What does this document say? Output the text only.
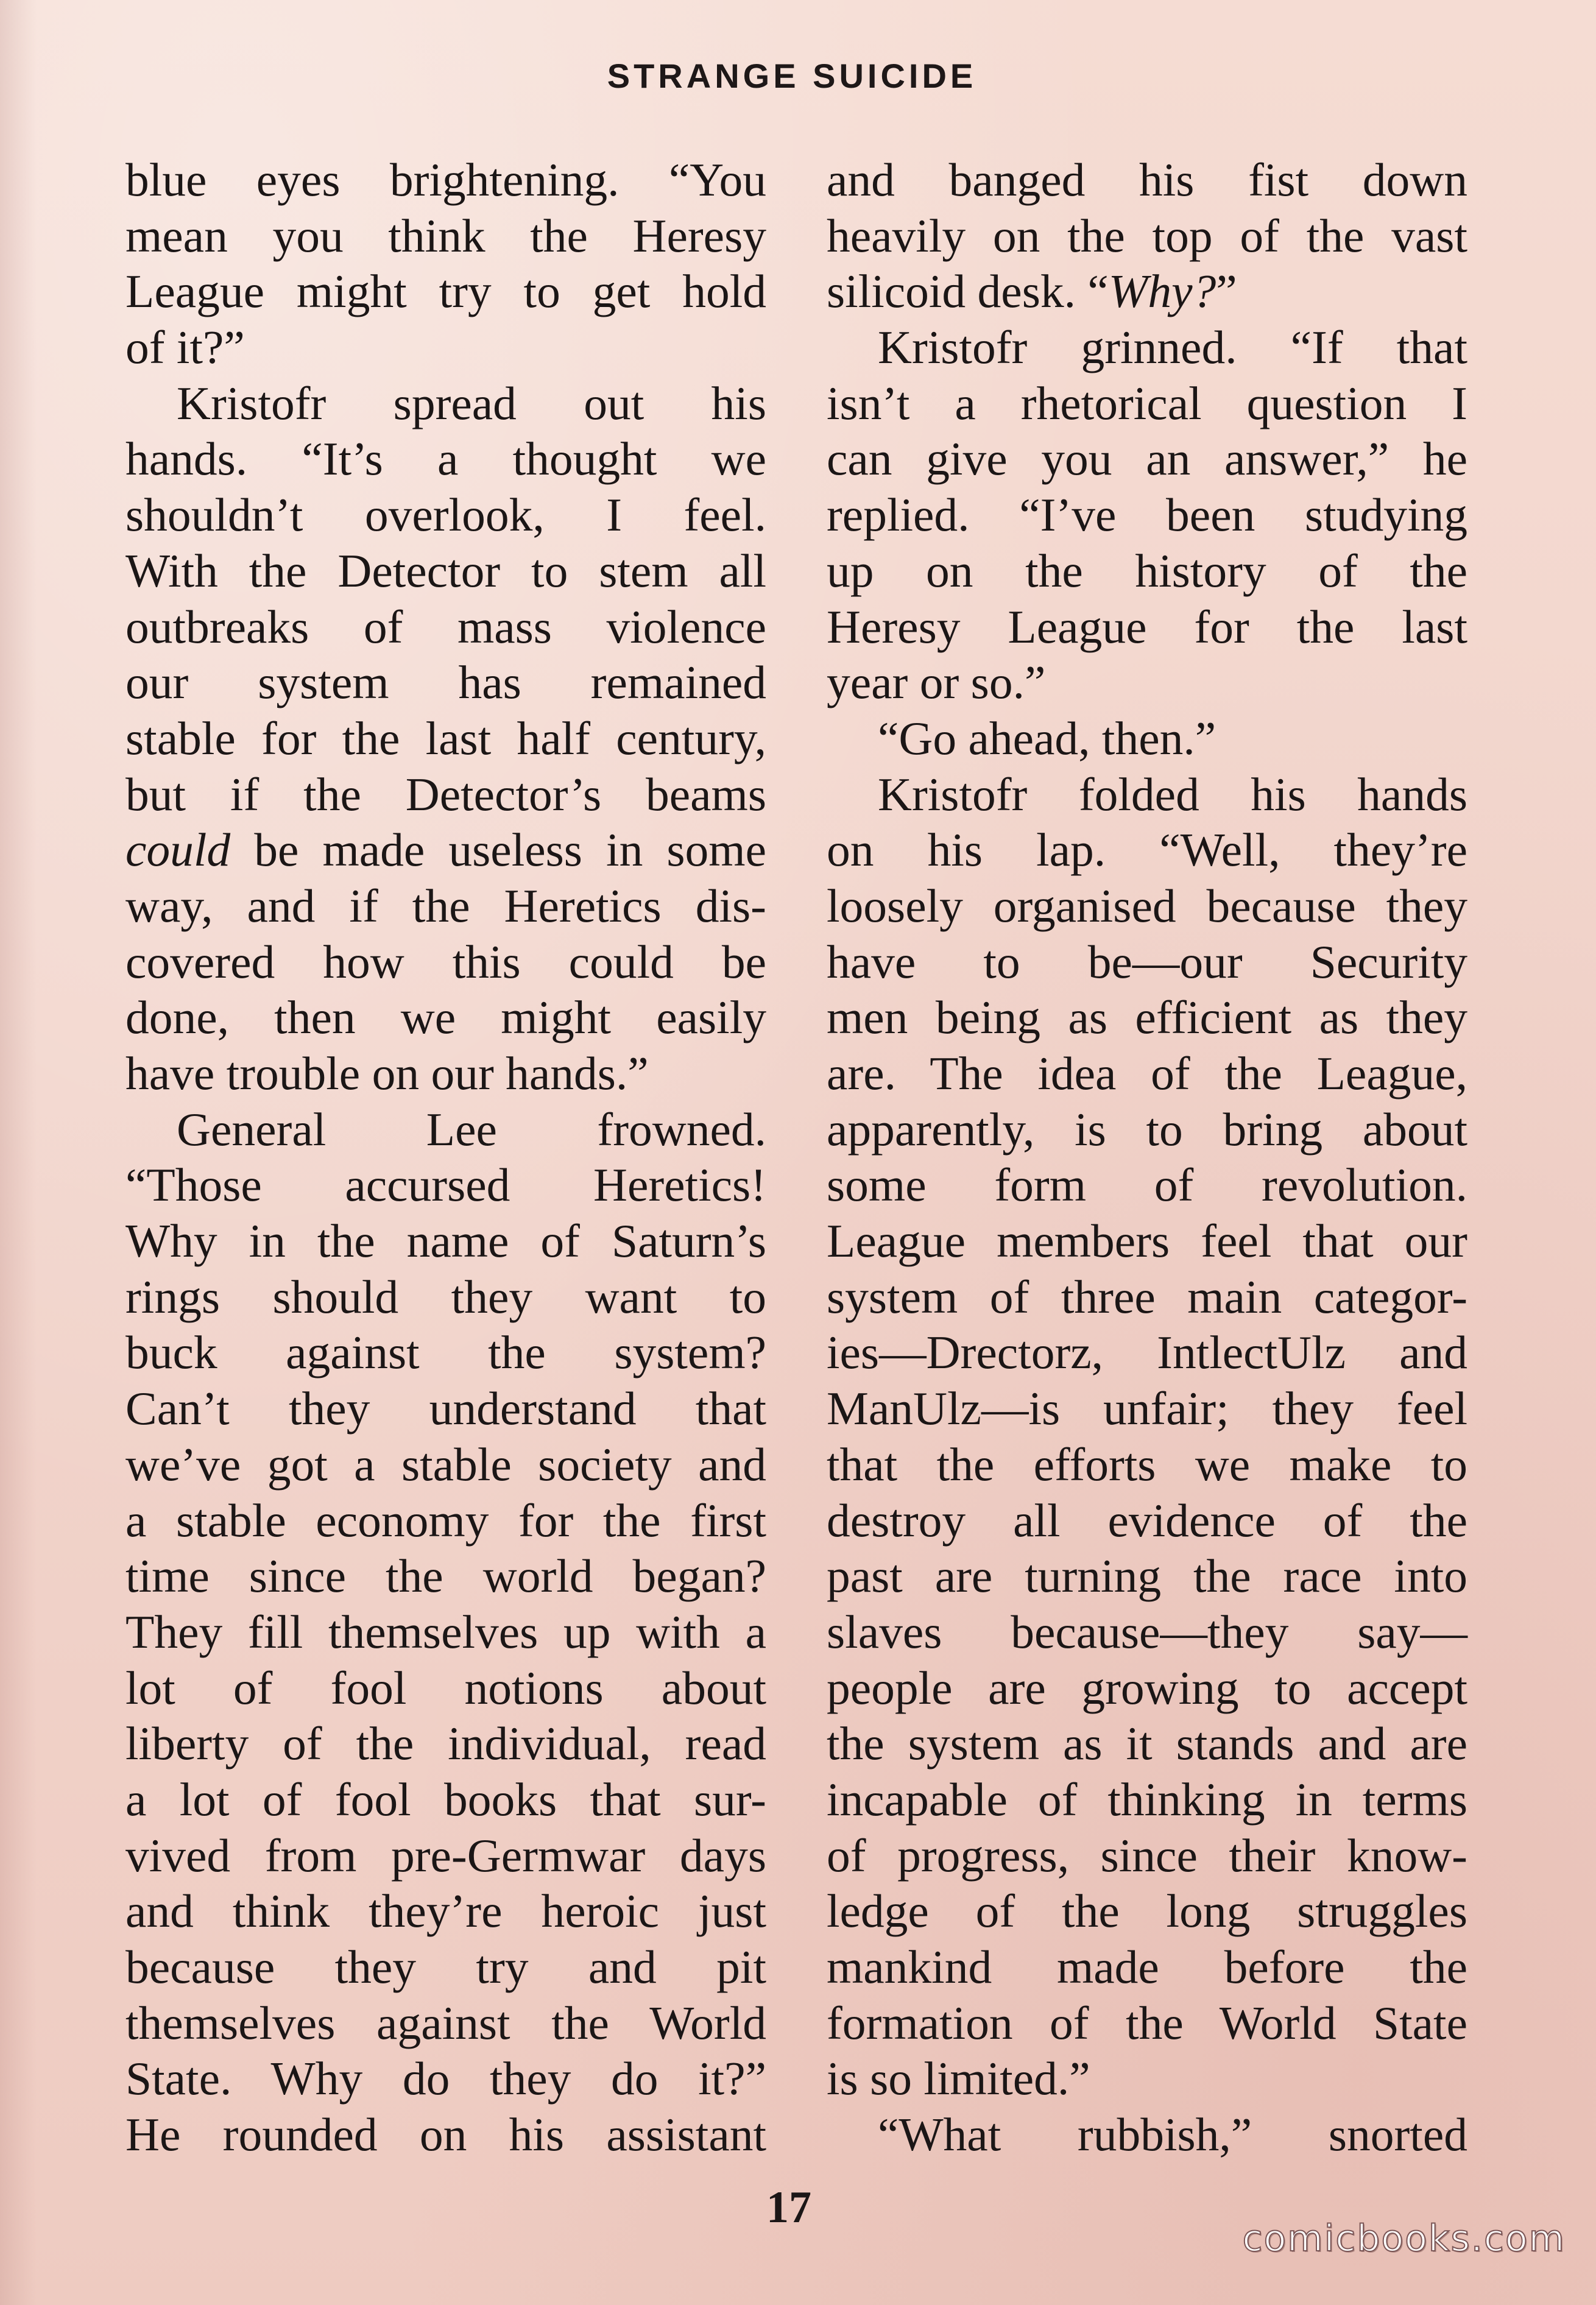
STRANGE SUICIDE
blue eyes brightening. “You
mean you think the Heresy
League might try to get hold
of it?”
Kristofr spread out his
hands. “It’s a thought we
shouldn’t overlook, I feel.
With the Detector to stem all
outbreaks of mass violence
our system has remained
stable for the last half century,
but if the Detector’s beams
could be made useless in some
way, and if the Heretics dis-
covered how this could be
done, then we might easily
have trouble on our hands.”
General Lee frowned.
“Those accursed Heretics!
Why in the name of Saturn’s
rings should they want to
buck against the system?
Can’t they understand that
we’ve got a stable society and
a stable economy for the first
time since the world began?
They fill themselves up with a
lot of fool notions about
liberty of the individual, read
a lot of fool books that sur-
vived from pre-Germwar days
and think they’re heroic just
because they try and pit
themselves against the World
State. Why do they do it?”
He rounded on his assistant
and banged his fist down
heavily on the top of the vast
silicoid desk. “Why?”
Kristofr grinned. “If that
isn’t a rhetorical question I
can give you an answer,” he
replied. “I’ve been studying
up on the history of the
Heresy League for the last
year or so.”
“Go ahead, then.”
Kristofr folded his hands
on his lap. “Well, they’re
loosely organised because they
have to be—our Security
men being as efficient as they
are. The idea of the League,
apparently, is to bring about
some form of revolution.
League members feel that our
system of three main categor-
ies—Drectorz, IntlectUlz and
ManUlz—is unfair; they feel
that the efforts we make to
destroy all evidence of the
past are turning the race into
slaves because—they say—
people are growing to accept
the system as it stands and are
incapable of thinking in terms
of progress, since their know-
ledge of the long struggles
mankind made before the
formation of the World State
is so limited.”
“What rubbish,” snorted
17
comicbooks.com
